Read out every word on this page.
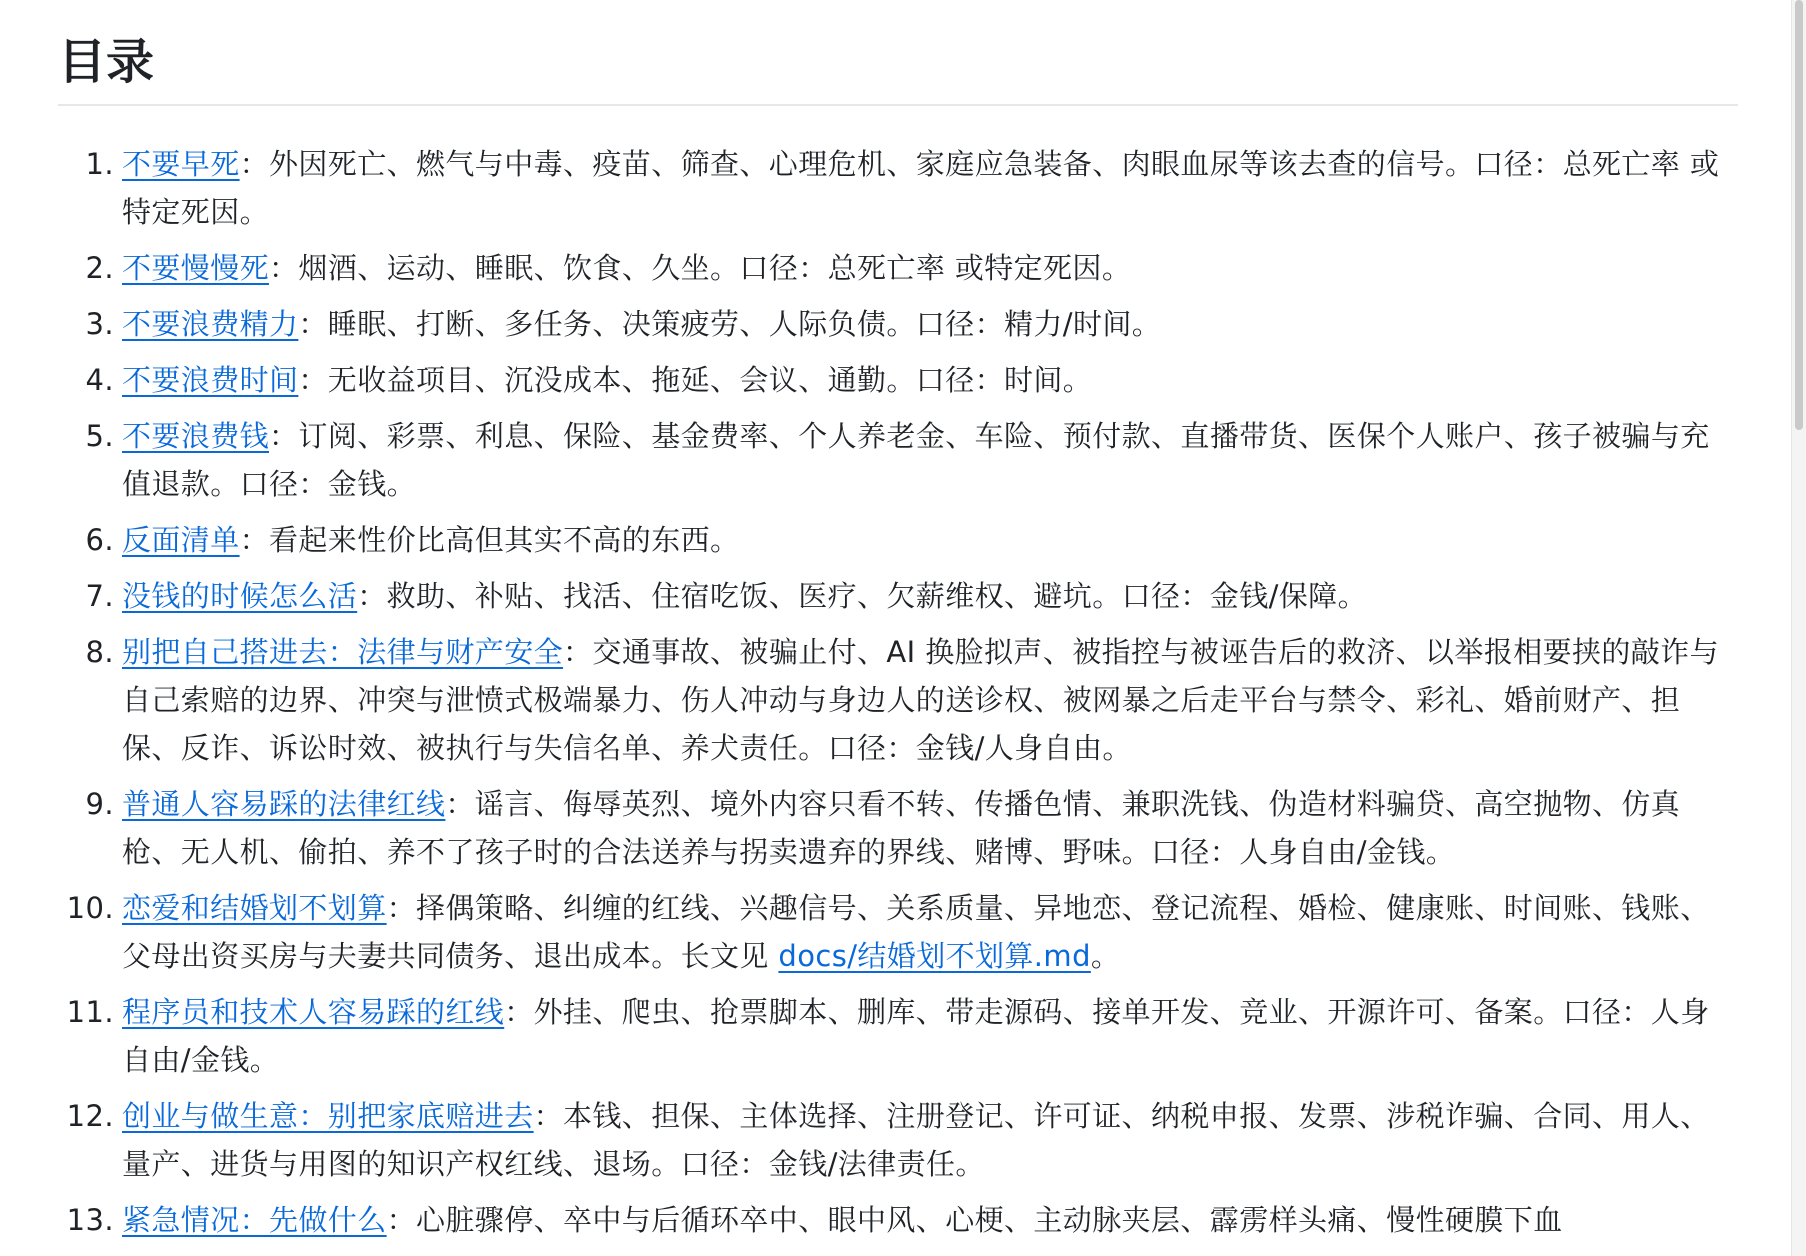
目录
1. 不要早死：外因死亡、燃气与中毒、疫苗、筛查、心理危机、家庭应急装备、肉眼血尿等该去查的信号。口径：总死亡率 或特定死因。
2. 不要慢慢死：烟酒、运动、睡眠、饮食、久坐。口径：总死亡率 或特定死因。
3. 不要浪费精力：睡眠、打断、多任务、决策疲劳、人际负债。口径：精力/时间。
4. 不要浪费时间：无收益项目、沉没成本、拖延、会议、通勤。口径：时间。
5. 不要浪费钱：订阅、彩票、利息、保险、基金费率、个人养老金、车险、预付款、直播带货、医保个人账户、孩子被骗与充值退款。口径：金钱。
6. 反面清单：看起来性价比高但其实不高的东西。
7. 没钱的时候怎么活：救助、补贴、找活、住宿吃饭、医疗、欠薪维权、避坑。口径：金钱/保障。
8. 别把自己搭进去：法律与财产安全：交通事故、被骗止付、AI 换脸拟声、被指控与被诬告后的救济、以举报相要挟的敲诈与自己索赔的边界、冲突与泄愤式极端暴力、伤人冲动与身边人的送诊权、被网暴之后走平台与禁令、彩礼、婚前财产、担保、反诈、诉讼时效、被执行与失信名单、养犬责任。口径：金钱/人身自由。
9. 普通人容易踩的法律红线：谣言、侮辱英烈、境外内容只看不转、传播色情、兼职洗钱、伪造材料骗贷、高空抛物、仿真枪、无人机、偷拍、养不了孩子时的合法送养与拐卖遗弃的界线、赌博、野味。口径：人身自由/金钱。
10. 恋爱和结婚划不划算：择偶策略、纠缠的红线、兴趣信号、关系质量、异地恋、登记流程、婚检、健康账、时间账、钱账、父母出资买房与夫妻共同债务、退出成本。长文见 docs/结婚划不划算.md。
11. 程序员和技术人容易踩的红线：外挂、爬虫、抢票脚本、删库、带走源码、接单开发、竞业、开源许可、备案。口径：人身自由/金钱。
12. 创业与做生意：别把家底赔进去：本钱、担保、主体选择、注册登记、许可证、纳税申报、发票、涉税诈骗、合同、用人、量产、进货与用图的知识产权红线、退场。口径：金钱/法律责任。
13. 紧急情况：先做什么：心脏骤停、卒中与后循环卒中、眼中风、心梗、主动脉夹层、霹雳样头痛、慢性硬膜下血
